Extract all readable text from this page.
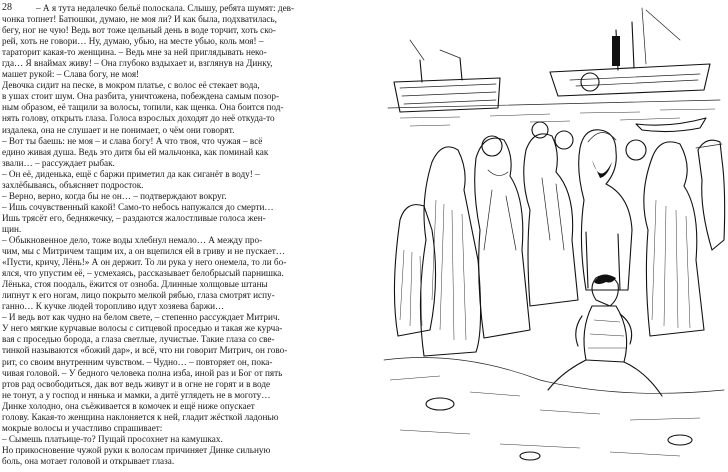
28	– А я тута недалечко бельё полоскала. Слышу, ребята шумят: дев-

чонка топнет! Батюшки, думаю, не моя ли? И как была, подхватилась,

бегу, ног не чую! Ведь вот тоже цельный день в воде торчит, хоть ско-

рей, хоть не говори… Ну, думаю, убью, на месте убью, коль моя! –

тараторит какая-то женщина. – Ведь мне за ней приглядывать неко-

гда… Я внаймах живу! – Она глубоко вздыхает и, взглянув на Динку,

машет рукой: – Слава богу, не моя!

Девочка сидит на песке, в мокром платье, с волос её стекает вода,

в ушах стоит шум. Она разбита, уничтожена, побеждена самым позор-

ным образом, её тащили за волосы, топили, как щенка. Она боится под-

нять голову, открыть глаза. Голоса взрослых доходят до неё откуда-то

издалека, она не слушает и не понимает, о чём они говорят.

– Вот ты баешь: не моя – и слава богу! А что твоя, что чужая – всё

едино живая душа. Ведь это дитя бы ей мальчонка, как поминай как

звали… – рассуждает рыбак.

– Он её, диденька, ещё с баржи приметил да как сиганёт в воду! –

захлёбываясь, объясняет подросток.

– Верно, верно, когда бы не он… – подтверждают вокруг.

– Ишь сочувственный какой! Само-то небось напужался до смерти…

Ишь трясёт его, бедняжечку, – раздаются жалостливые голоса жен-

щин.

– Обыкновенное дело, тоже воды хлебнул немало… А между про-

чим, мы с Митричем тащим их, а он вцепился ей в гриву и не пускает…

«Пусти, кричу, Лёнь!» А он держит. То ли рука у него онемела, то ли бо-

ялся, что упустим её, – усмехаясь, рассказывает белобрысый парнишка.

Лёнька, стоя поодаль, ёжится от озноба. Длинные холщовые штаны

липнут к его ногам, лицо покрыто мелкой рябью, глаза смотрят испу-

ганно… К кучке людей торопливо идут хозяева баржи…

– И ведь вот как чудно на белом свете, – степенно рассуждает Митрич.

У него мягкие курчавые волосы с ситцевой проседью и такая же курча-

вая с проседью борода, а глаза светлые, лучистые. Такие глаза со све-

тинкой называются «божий дар», и всё, что ни говорит Митрич, он гово-

рит, со своим внутренним чувством. – Чудно… – повторяет он, пока-

чивая головой. – У бедного человека полна изба, иной раз и Бог от пять

ртов рад освободиться, дак вот ведь живут и в огне не горят и в воде

не тонут, а у господ и нянька и мамки, а дитё углядеть не в моготу…

Динке холодно, она съёживается в комочек и ещё ниже опускает

голову. Какая-то женщина наклоняется к ней, гладит жёсткой ладонью

мокрые волосы и участливо спрашивает:

– Сымешь платьице-то? Пущай просохнет на камушках.

Но прикосновение чужой руки к волосам причиняет Динке сильную

боль, она мотает головой и открывает глаза.
